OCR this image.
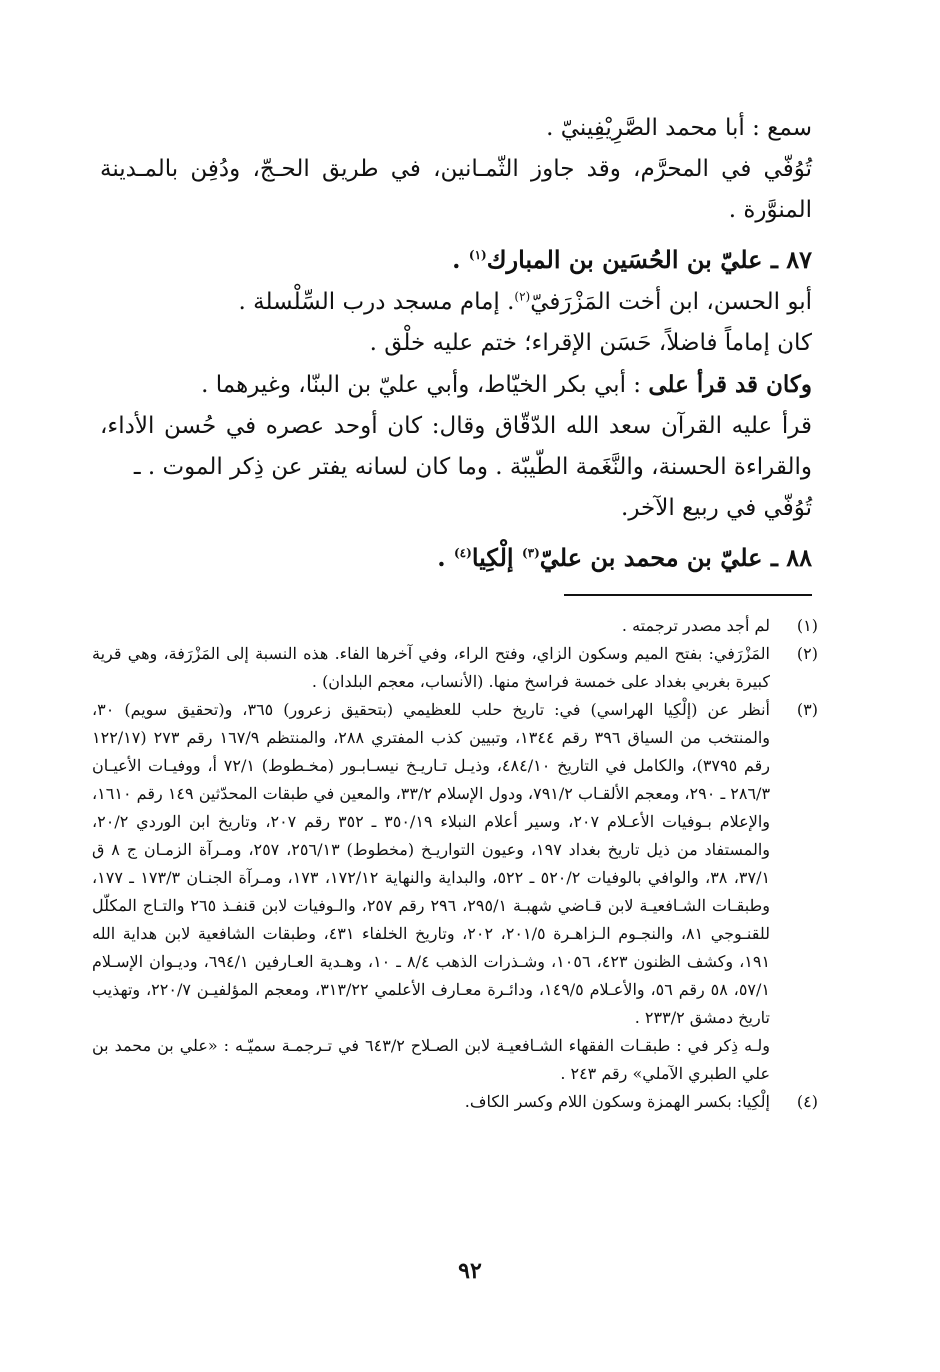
سمع : أبا محمد الصَّرِيْفِينيّ .

تُوُفّي في المحرَّم، وقد جاوز الثّمـانين، في طريق الحـجّ، ودُفِن بالمـدينة المنوَّرة .

٨٧ ـ عليّ بن الحُسَين بن المبارك$^{(١)}$ .

أبو الحسن، ابن أخت المَزْرَفيّ$^{(٢)}$. إمام مسجد درب السِّلْسلة .

كان إماماً فاضلاً، حَسَن الإقراء؛ ختم عليه خلْق .

وكان قد قرأ على : أبي بكر الخيّاط، وأبي عليّ بن البنّا، وغيرهما .

قرأ عليه القرآن سعد الله الدّقّاق وقال: كان أوحد عصره في حُسن الأداء، والقراءة الحسنة، والنَّغَمة الطّيبّة . وما كان لسانه يفتر عن ذِكر الموت . ـ

تُوُفّي في ربيع الآخر.

٨٨ ـ عليّ بن محمد بن عليّ$^{(٣)}$ إلْكِيا$^{(٤)}$ .

(١)
لم أجد مصدر ترجمته .
(٢)
المَزْرَفي: بفتح الميم وسكون الزاي، وفتح الراء، وفي آخرها الفاء. هذه النسبة إلى المَزْرَفة، وهي قرية كبيرة بغربي بغداد على خمسة فراسخ منها. (الأنساب، معجم البلدان) .
(٣)
أنظر عن (إلْكِيا الهراسي) في: تاريخ حلب للعظيمي (بتحقيق زعرور) ٣٦٥، و(تحقيق سويم) ٣٠، والمنتخب من السياق ٣٩٦ رقم ١٣٤٤، وتبيين كذب المفتري ٢٨٨، والمنتظم ١٦٧/٩ رقم ٢٧٣ (١٢٢/١٧ رقم ٣٧٩٥)، والكامل في التاريخ ٤٨٤/١٠، وذيـل تـاريـخ نيسـابـور (مخـطوط) ٧٢/١ أ، ووفيـات الأعيـان ٢٨٦/٣ ـ ٢٩٠، ومعجم الألقـاب ٧٩١/٢، ودول الإسلام ٣٣/٢، والمعين في طبقات المحدّثين ١٤٩ رقم ١٦١٠، والإعلام بـوفيات الأعـلام ٢٠٧، وسير أعلام النبلاء ٣٥٠/١٩ ـ ٣٥٢ رقم ٢٠٧، وتاريخ ابن الوردي ٢٠/٢، والمستفاد من ذيل تاريخ بغداد ١٩٧، وعيون التواريـخ (مخطوط) ٢٥٦/١٣، ٢٥٧، ومـرآة الزمـان ج ٨ ق ٣٧/١، ٣٨، والوافي بالوفيات ٥٢٠/٢ ـ ٥٢٢، والبداية والنهاية ١٧٢/١٢، ١٧٣، ومـرآة الجنـان ١٧٣/٣ ـ ١٧٧، وطبقـات الشـافعيـة لابن قـاضي شهبـة ٢٩٥/١، ٢٩٦ رقم ٢٥٧، والـوفيات لابن قنفـذ ٢٦٥ والتـاج المكلّل للقنـوجي ٨١، والنجـوم الـزاهـرة ٢٠١/٥، ٢٠٢، وتاريخ الخلفاء ٤٣١، وطبقات الشافعية لابن هداية الله ١٩١، وكشف الظنون ٤٢٣، ١٠٥٦، وشـذرات الذهب ٨/٤ ـ ١٠، وهـدية العـارفين ٦٩٤/١، وديـوان الإسـلام ٥٧/١، ٥٨ رقم ٥٦، والأعـلام ١٤٩/٥، ودائـرة معـارف الأعلمي ٣١٣/٢٢، ومعجم المؤلفيـن ٢٢٠/٧، وتهذيب تاريخ دمشق ٢٣٣/٢ .
ولـه ذِكر في : طبقـات الفقهاء الشـافعيـة لابن الصـلاح ٦٤٣/٢ في تـرجمـة سميّـه : «علي بن محمد بن علي الطبري الآملي» رقم ٢٤٣ .
(٤)
إلْكِيا: بكسر الهمزة وسكون اللام وكسر الكاف.
٩٢
